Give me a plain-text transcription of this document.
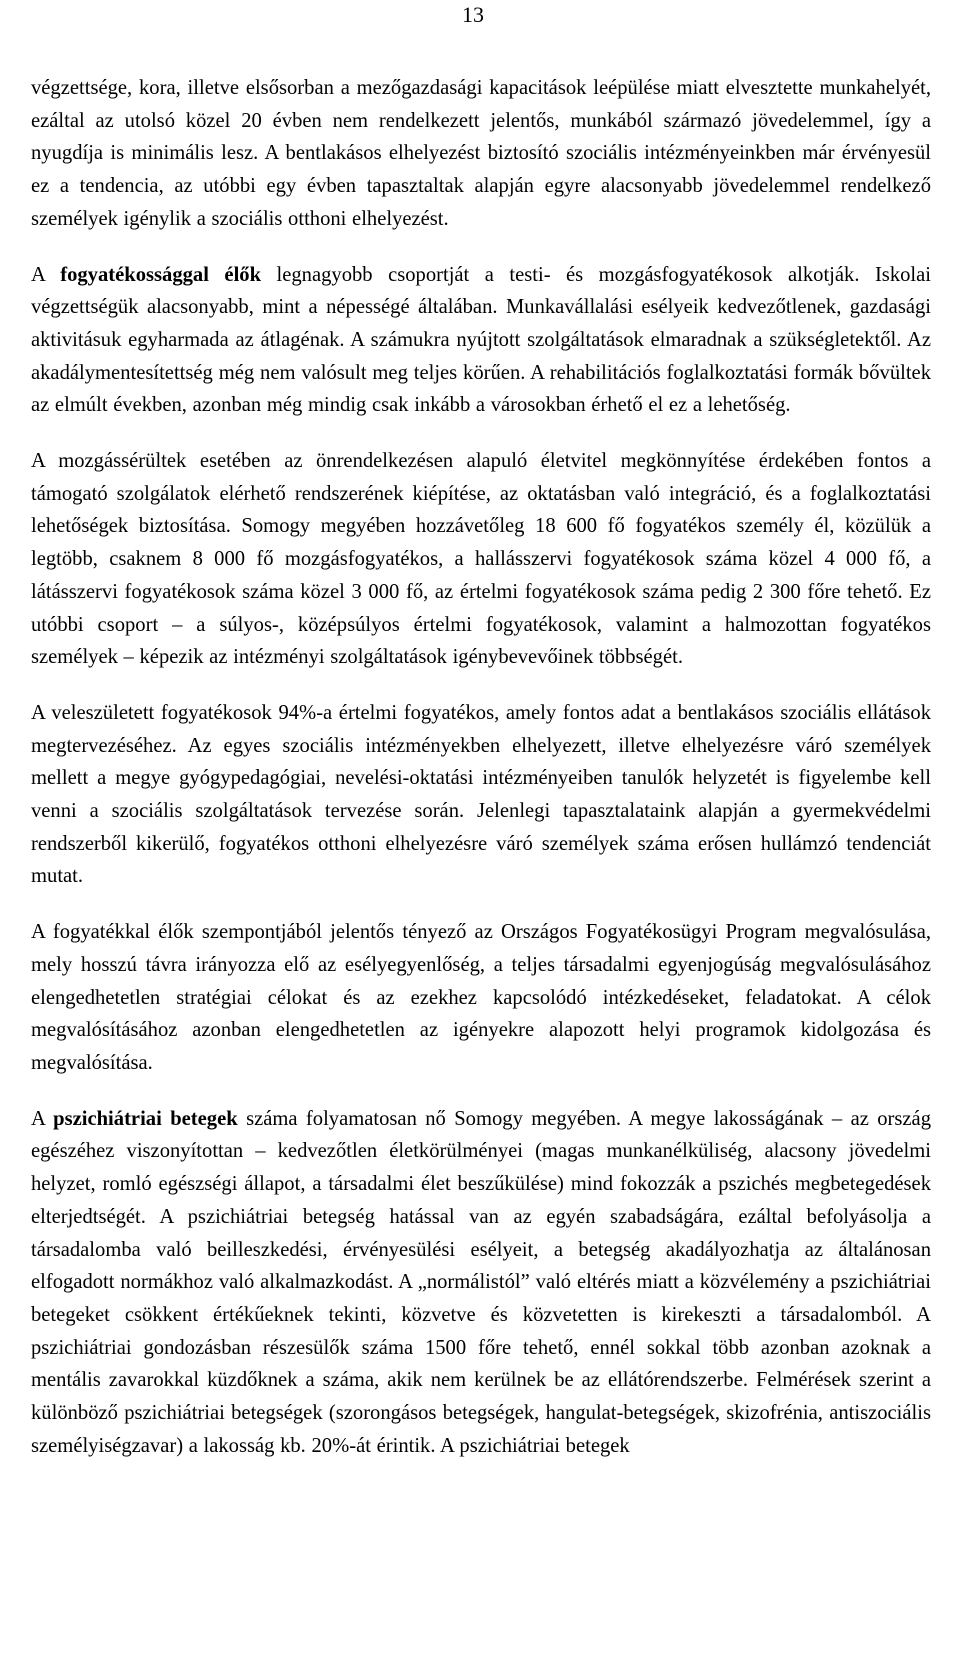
13

végzettsége, kora, illetve elsősorban a mezőgazdasági kapacitások leépülése miatt elvesztette munkahelyét, ezáltal az utolsó közel 20 évben nem rendelkezett jelentős, munkából származó jövedelemmel, így a nyugdíja is minimális lesz. A bentlakásos elhelyezést biztosító szociális intézményeinkben már érvényesül ez a tendencia, az utóbbi egy évben tapasztaltak alapján egyre alacsonyabb jövedelemmel rendelkező személyek igénylik a szociális otthoni elhelyezést.

A fogyatékossággal élők legnagyobb csoportját a testi- és mozgásfogyatékosok alkotják. Iskolai végzettségük alacsonyabb, mint a népességé általában. Munkavállalási esélyeik kedvezőtlenek, gazdasági aktivitásuk egyharmada az átlagénak. A számukra nyújtott szolgáltatások elmaradnak a szükségletektől. Az akadálymentesítettség még nem valósult meg teljes körűen. A rehabilitációs foglalkoztatási formák bővültek az elmúlt években, azonban még mindig csak inkább a városokban érhető el ez a lehetőség.

A mozgássérültek esetében az önrendelkezésen alapuló életvitel megkönnyítése érdekében fontos a támogató szolgálatok elérhető rendszerének kiépítése, az oktatásban való integráció, és a foglalkoztatási lehetőségek biztosítása. Somogy megyében hozzávetőleg 18 600 fő fogyatékos személy él, közülük a legtöbb, csaknem 8 000 fő mozgásfogyatékos, a hallásszervi fogyatékosok száma közel 4 000 fő, a látásszervi fogyatékosok száma közel 3 000 fő, az értelmi fogyatékosok száma pedig 2 300 főre tehető. Ez utóbbi csoport – a súlyos-, középsúlyos értelmi fogyatékosok, valamint a halmozottan fogyatékos személyek – képezik az intézményi szolgáltatások igénybevevőinek többségét.

A veleszületett fogyatékosok 94%-a értelmi fogyatékos, amely fontos adat a bentlakásos szociális ellátások megtervezéséhez. Az egyes szociális intézményekben elhelyezett, illetve elhelyezésre váró személyek mellett a megye gyógypedagógiai, nevelési-oktatási intézményeiben tanulók helyzetét is figyelembe kell venni a szociális szolgáltatások tervezése során. Jelenlegi tapasztalataink alapján a gyermekvédelmi rendszerből kikerülő, fogyatékos otthoni elhelyezésre váró személyek száma erősen hullámzó tendenciát mutat.

A fogyatékkal élők szempontjából jelentős tényező az Országos Fogyatékosügyi Program megvalósulása, mely hosszú távra irányozza elő az esélyegyenlőség, a teljes társadalmi egyenjogúság megvalósulásához elengedhetetlen stratégiai célokat és az ezekhez kapcsolódó intézkedéseket, feladatokat. A célok megvalósításához azonban elengedhetetlen az igényekre alapozott helyi programok kidolgozása és megvalósítása.

A pszichiátriai betegek száma folyamatosan nő Somogy megyében. A megye lakosságának – az ország egészéhez viszonyítottan – kedvezőtlen életkörülményei (magas munkanélküliség, alacsony jövedelmi helyzet, romló egészségi állapot, a társadalmi élet beszűkülése) mind fokozzák a pszichés megbetegedések elterjedtségét. A pszichiátriai betegség hatással van az egyén szabadságára, ezáltal befolyásolja a társadalomba való beilleszkedési, érvényesülési esélyeit, a betegség akadályozhatja az általánosan elfogadott normákhoz való alkalmazkodást. A „normálistól” való eltérés miatt a közvélemény a pszichiátriai betegeket csökkent értékűeknek tekinti, közvetve és közvetetten is kirekeszti a társadalomból. A pszichiátriai gondozásban részesülők száma 1500 főre tehető, ennél sokkal több azonban azoknak a mentális zavarokkal küzdőknek a száma, akik nem kerülnek be az ellátórendszerbe. Felmérések szerint a különböző pszichiátriai betegségek (szorongásos betegségek, hangulat-betegségek, skizofrénia, antiszociális személyiségzavar) a lakosság kb. 20%-át érintik. A pszichiátriai betegek
